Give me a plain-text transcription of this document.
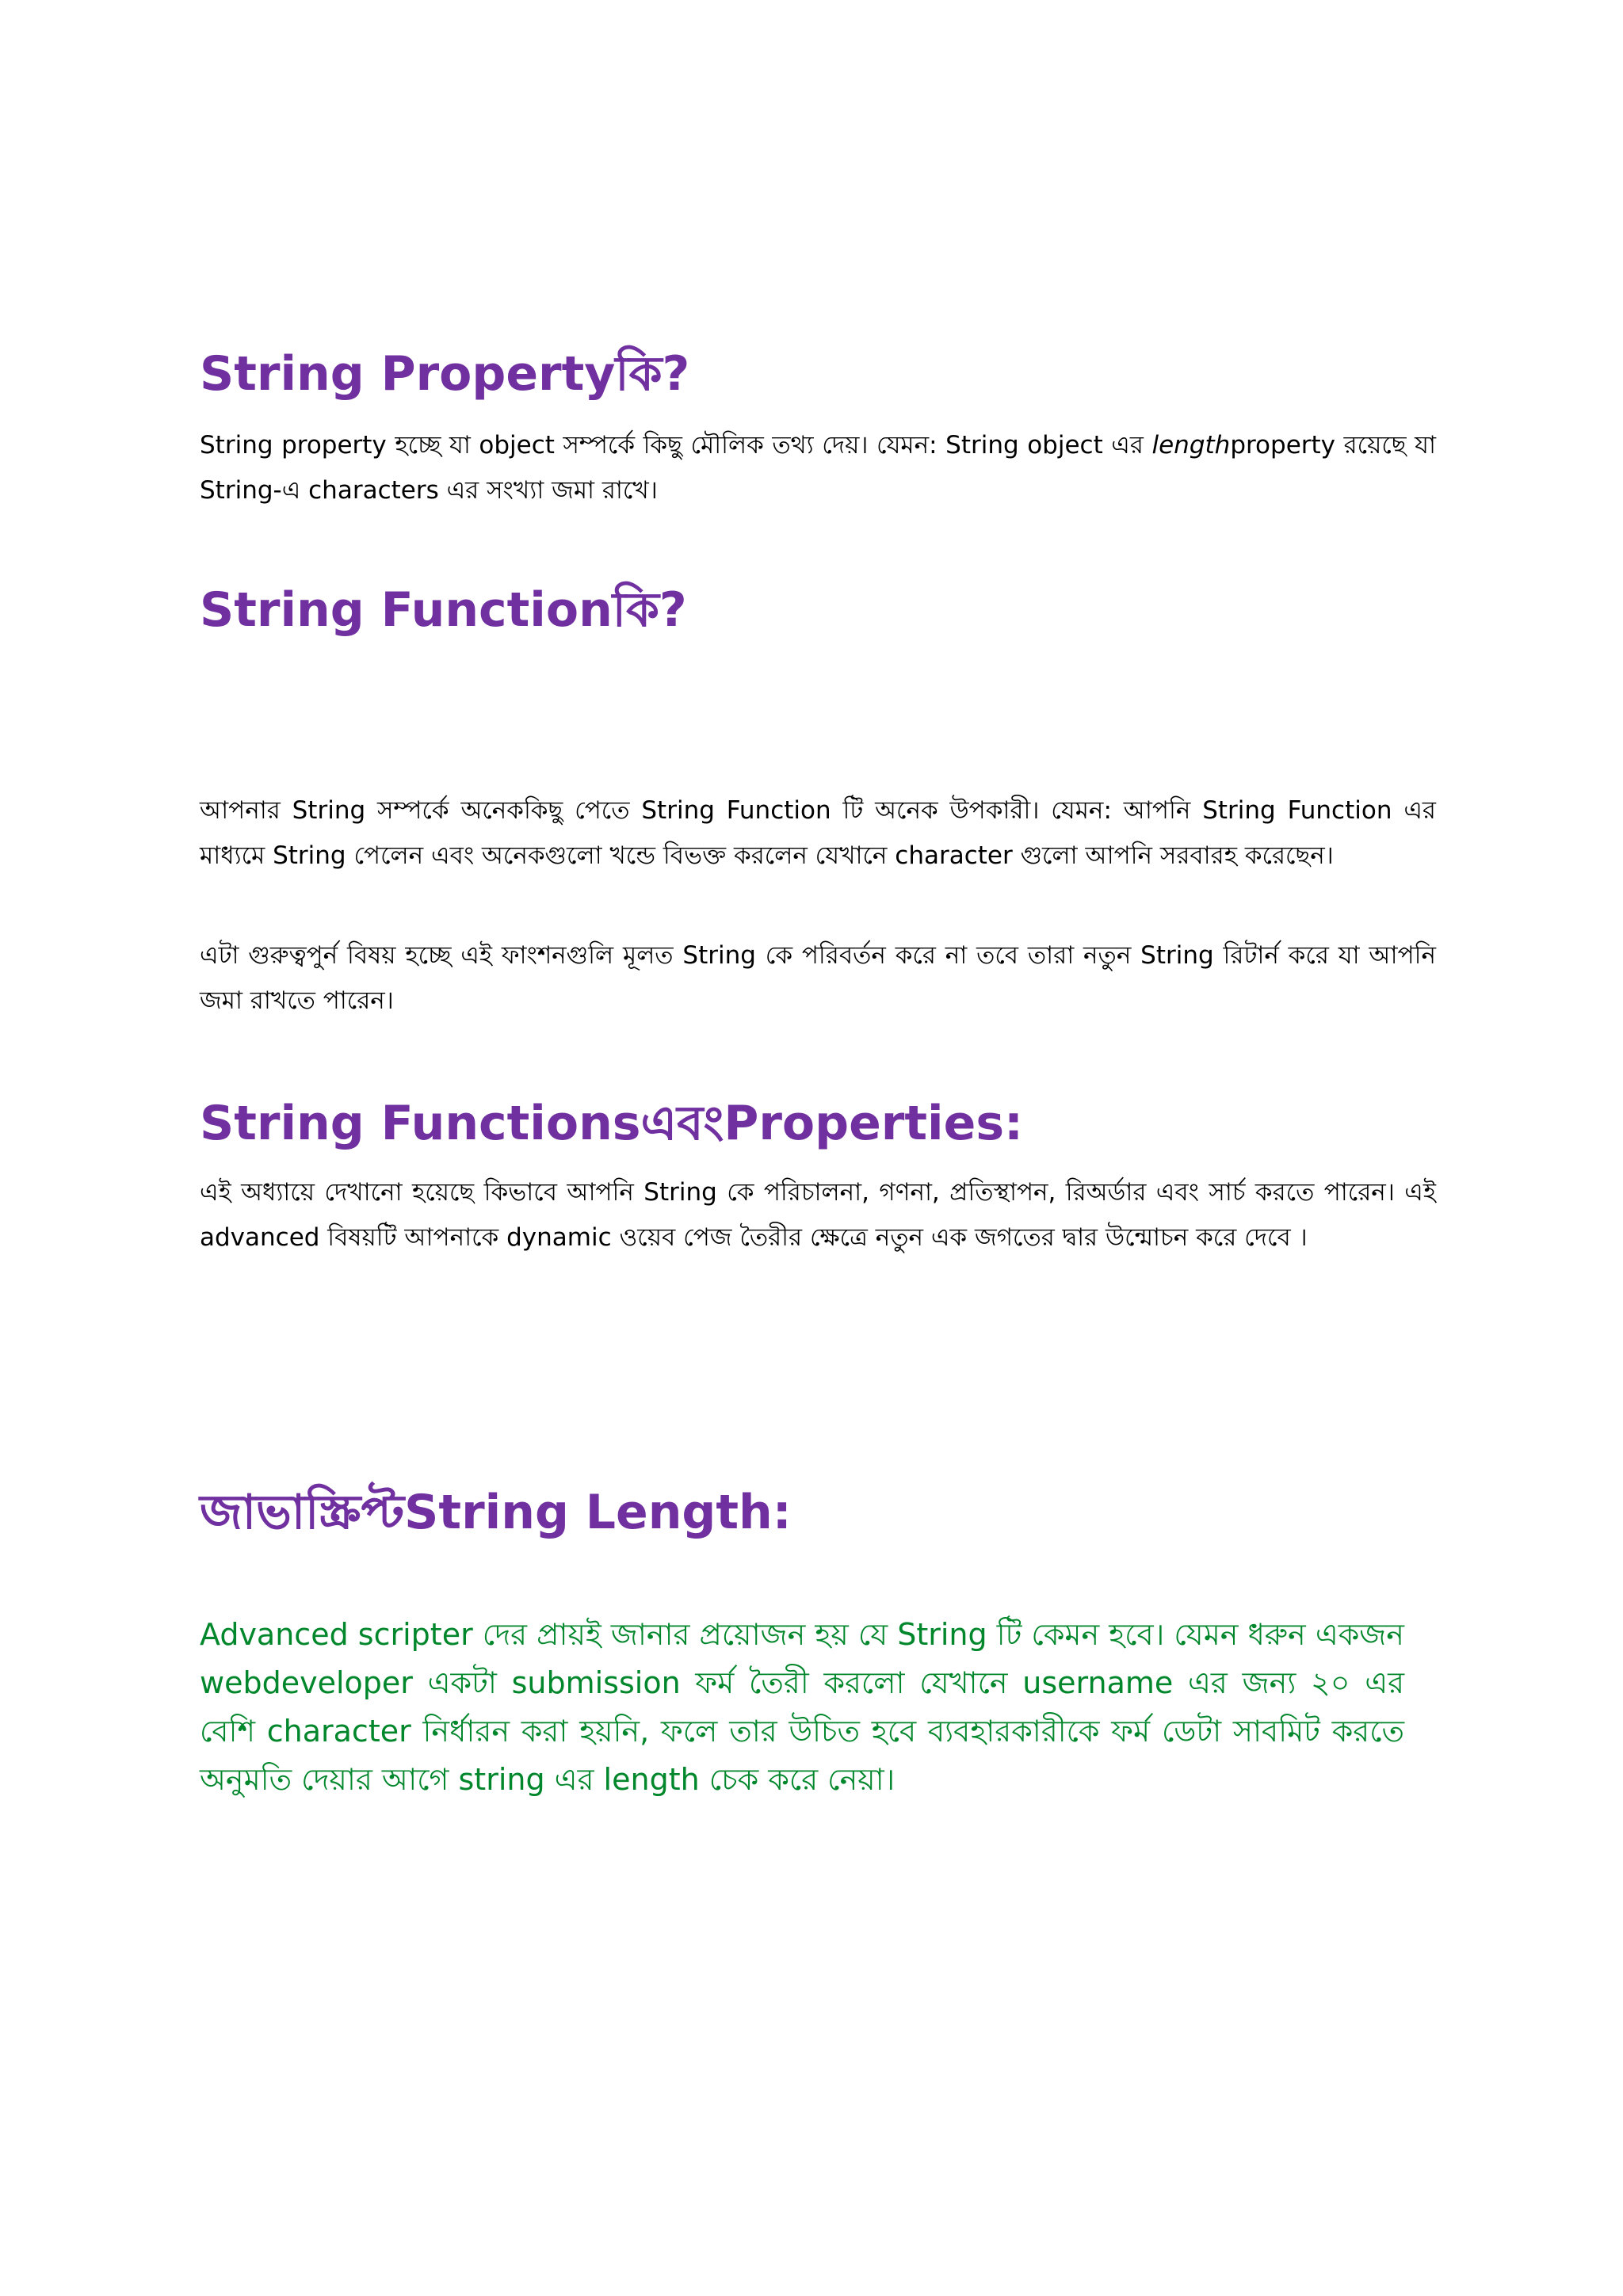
String Propertyকি?

String property হচ্ছে যা object সম্পর্কে কিছু মৌলিক তথ্য দেয়। যেমন: String object এর lengthproperty রয়েছে যা String-এ characters এর সংখ্যা জমা রাখে।

String Functionকি?

আপনার String সম্পর্কে অনেককিছু পেতে String Function টি অনেক উপকারী। যেমন: আপনি String Function এর মাধ্যমে String পেলেন এবং অনেকগুলো খন্ডে বিভক্ত করলেন যেখানে character গুলো আপনি সরবারহ করেছেন।

এটা গুরুত্বপুর্ন বিষয় হচ্ছে এই ফাংশনগুলি মূলত String কে পরিবর্তন করে না তবে তারা নতুন String রিটার্ন করে যা আপনি জমা রাখতে পারেন।

String FunctionsএবংProperties:

এই অধ্যায়ে দেখানো হয়েছে কিভাবে আপনি String কে পরিচালনা, গণনা, প্রতিস্থাপন, রিঅর্ডার এবং সার্চ করতে পারেন। এই advanced বিষয়টি আপনাকে dynamic ওয়েব পেজ তৈরীর ক্ষেত্রে নতুন এক জগতের দ্বার উন্মোচন করে দেবে ।

জাভাস্ক্রিপ্টString Length:

Advanced scripter দের প্রায়ই জানার প্রয়োজন হয় যে String টি কেমন হবে। যেমন ধরুন একজন webdeveloper একটা submission ফর্ম তৈরী করলো যেখানে username এর জন্য ২০ এর বেশি character নির্ধারন করা হয়নি, ফলে তার উচিত হবে ব্যবহারকারীকে ফর্ম ডেটা সাবমিট করতে অনুমতি দেয়ার আগে string এর length চেক করে নেয়া।
